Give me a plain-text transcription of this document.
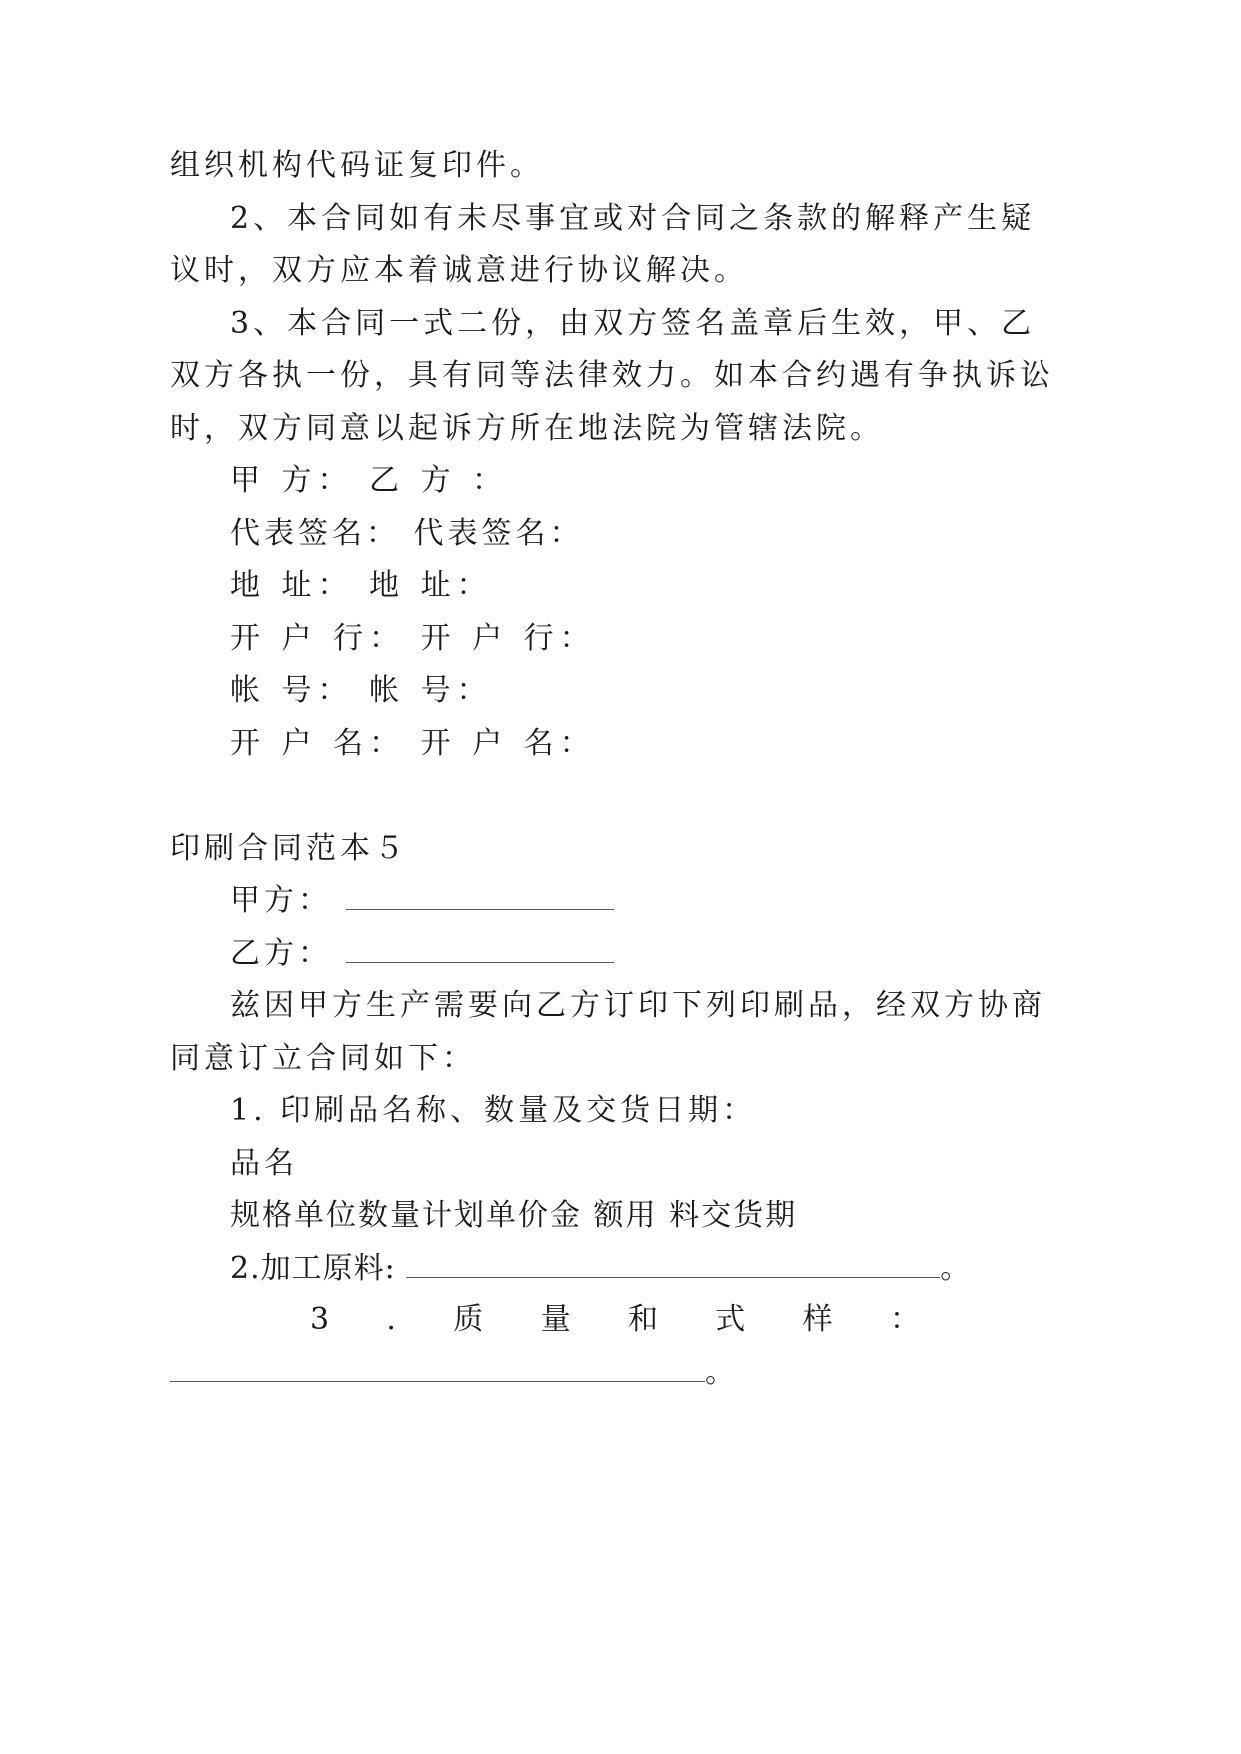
组织机构代码证复印件。
2、本合同如有未尽事宜或对合同之条款的解释产生疑
议时，双方应本着诚意进行协议解决。
3、本合同一式二份，由双方签名盖章后生效，甲、乙
双方各执一份，具有同等法律效力。如本合约遇有争执诉讼
时，双方同意以起诉方所在地法院为管辖法院。
甲 方： 乙 方 ：
代表签名： 代表签名：
地 址： 地 址：
开 户 行： 开 户 行：
帐 号： 帐 号：
开 户 名： 开 户 名：
印刷合同范本５
甲方：
乙方：
兹因甲方生产需要向乙方订印下列印刷品，经双方协商
同意订立合同如下：
1. 印刷品名称、数量及交货日期：
品名
规格单位数量计划单价金 额用 料交货期
2.加工原料:	。
3 . 质 量 和 式 样 ：
。
